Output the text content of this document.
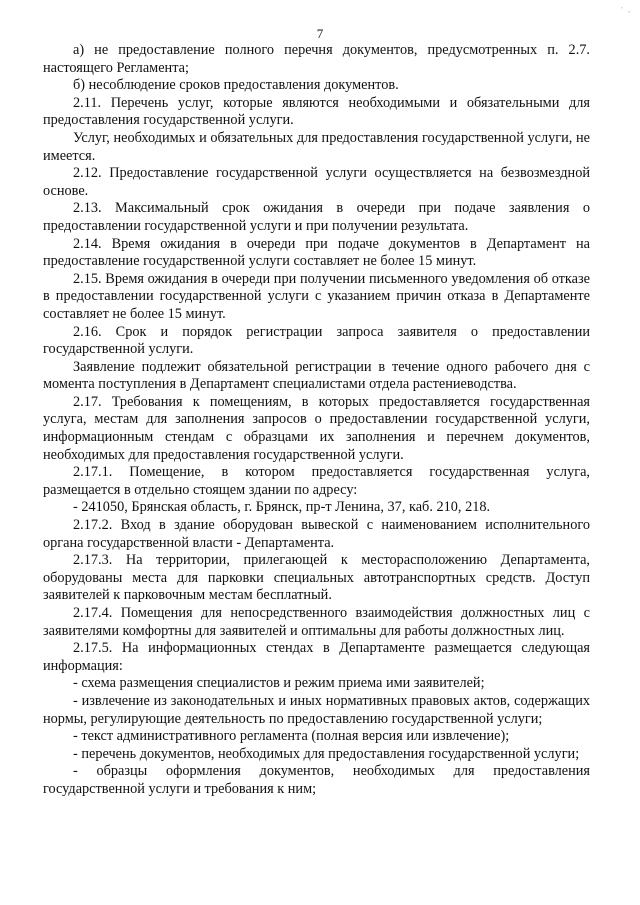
' ,
7

а) не предоставление полного перечня документов, предусмотренных п. 2.7. настоящего Регламента;

б) несоблюдение сроков предоставления документов.

2.11. Перечень услуг, которые являются необходимыми и обязательными для предоставления государственной услуги.

Услуг, необходимых и обязательных для предоставления государственной услуги, не имеется.

2.12. Предоставление государственной услуги осуществляется на безвозмездной основе.

2.13. Максимальный срок ожидания в очереди при подаче заявления о предоставлении государственной услуги и при получении результата.

2.14. Время ожидания в очереди при подаче документов в Департамент на предоставление государственной услуги составляет не более 15 минут.

2.15. Время ожидания в очереди при получении письменного уведомления об отказе в предоставлении государственной услуги с указанием причин отказа в Департаменте составляет не более 15 минут.

2.16. Срок и порядок регистрации запроса заявителя о предоставлении государственной услуги.

Заявление подлежит обязательной регистрации в течение одного рабочего дня с момента поступления в Департамент специалистами отдела растениеводства.

2.17. Требования к помещениям, в которых предоставляется государственная услуга, местам для заполнения запросов о предоставлении государственной услуги, информационным стендам с образцами их заполнения и перечнем документов, необходимых для предоставления государственной услуги.

2.17.1. Помещение, в котором предоставляется государственная услуга, размещается в отдельно стоящем здании по адресу:

- 241050, Брянская область, г. Брянск, пр-т Ленина, 37, каб. 210, 218.

2.17.2. Вход в здание оборудован вывеской с наименованием исполнительного органа государственной власти - Департамента.

2.17.3. На территории, прилегающей к месторасположению Департамента, оборудованы места для парковки специальных автотранспортных средств. Доступ заявителей к парковочным местам бесплатный.

2.17.4. Помещения для непосредственного взаимодействия должностных лиц с заявителями комфортны для заявителей и оптимальны для работы должностных лиц.

2.17.5. На информационных стендах в Департаменте размещается следующая информация:

- схема размещения специалистов и режим приема ими заявителей;

- извлечение из законодательных и иных нормативных правовых актов, содержащих нормы, регулирующие деятельность по предоставлению государственной услуги;

- текст административного регламента (полная версия или извлечение);

- перечень документов, необходимых для предоставления государственной услуги;

- образцы оформления документов, необходимых для предоставления государственной услуги и требования к ним;
